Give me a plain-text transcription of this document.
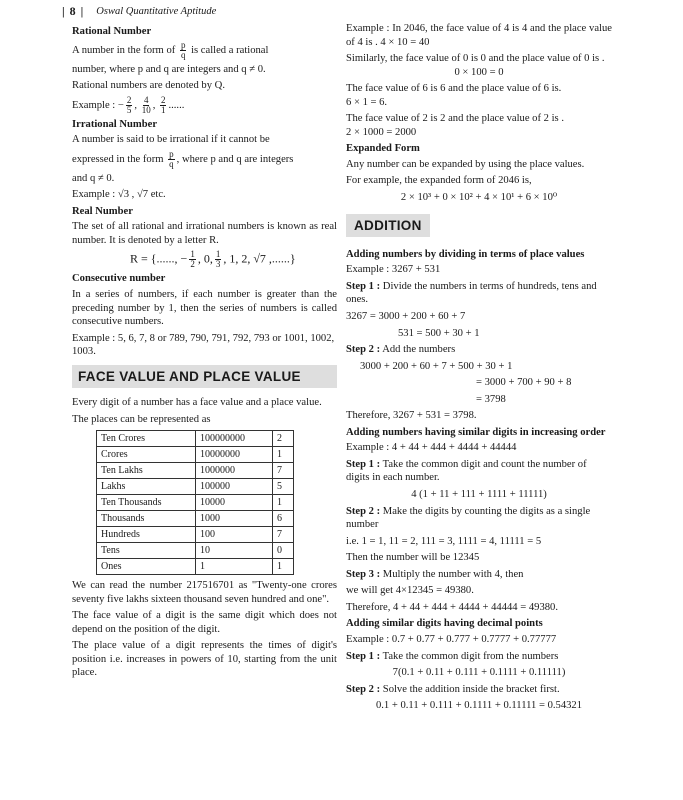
| 8 | Oswal Quantitative Aptitude
Rational Number
A number in the form of $\frac{p}{q}$ is called a rational
number, where p and q are integers and q ≠ 0.
Rational numbers are denoted by Q.
Example : − $\frac{2}{5}$ , $\frac{4}{10}$ , $\frac{2}{1}$ ......
Irrational Number
A number is said to be irrational if it cannot be
expressed in the form $\frac{p}{q}$ , where p and q are integers
and q ≠ 0.
Example : √3 , √7 etc.
Real Number
The set of all rational and irrational numbers is known as real number. It is denoted by a letter R.
R = {......, − $\frac{1}{2}$ , 0, $\frac{1}{3}$ , 1, 2, √7 ,......}
Consecutive number
In a series of numbers, if each number is greater than the preceding number by 1, then the series of numbers is called consecutive numbers.
Example : 5, 6, 7, 8 or 789, 790, 791, 792, 793 or 1001, 1002, 1003.
FACE VALUE AND PLACE VALUE
Every digit of a number has a face value and a place value.
The places can be represented as
Ten Crores	100000000	2
Crores	10000000	1
Ten Lakhs	1000000	7
Lakhs	100000	5
Ten Thousands	10000	1
Thousands	1000	6
Hundreds	100	7
Tens	10	0
Ones	1	1
We can read the number 217516701 as "Twenty-one crores seventy five lakhs sixteen thousand seven hundred and one".
The face value of a digit is the same digit which does not depend on the position of the digit.
The place value of a digit represents the times of digit's position i.e. increases in powers of 10, starting from the unit place.
Example : In 2046, the face value of 4 is 4 and the place value of 4 is . 4 × 10 = 40
Similarly, the face value of 0 is 0 and the place value of 0 is .
0 × 100 = 0
The face value of 6 is 6 and the place value of 6 is.
6 × 1 = 6.
The face value of 2 is 2 and the place value of 2 is .
2 × 1000 = 2000
Expanded Form
Any number can be expanded by using the place values.
For example, the expanded form of 2046 is,
2 × 10³ + 0 × 10² + 4 × 10¹ + 6 × 10⁰
ADDITION
Adding numbers by dividing in terms of place values
Example : 3267 + 531
Step 1 : Divide the numbers in terms of hundreds, tens and ones.
3267 = 3000 + 200 + 60 + 7
531 = 500 + 30 + 1
Step 2 : Add the numbers
3000 + 200 + 60 + 7 + 500 + 30 + 1
= 3000 + 700 + 90 + 8
= 3798
Therefore, 3267 + 531 = 3798.
Adding numbers having similar digits in increasing order
Example : 4 + 44 + 444 + 4444 + 44444
Step 1 : Take the common digit and count the number of digits in each number.
4 (1 + 11 + 111 + 1111 + 11111)
Step 2 : Make the digits by counting the digits as a single number
i.e. 1 = 1, 11 = 2, 111 = 3, 1111 = 4, 11111 = 5
Then the number will be 12345
Step 3 : Multiply the number with 4, then
we will get 4×12345 = 49380.
Therefore, 4 + 44 + 444 + 4444 + 44444 = 49380.
Adding similar digits having decimal points
Example : 0.7 + 0.77 + 0.777 + 0.7777 + 0.77777
Step 1 : Take the common digit from the numbers
7(0.1 + 0.11 + 0.111 + 0.1111 + 0.11111)
Step 2 : Solve the addition inside the bracket first.
0.1 + 0.11 + 0.111 + 0.1111 + 0.11111 = 0.54321
